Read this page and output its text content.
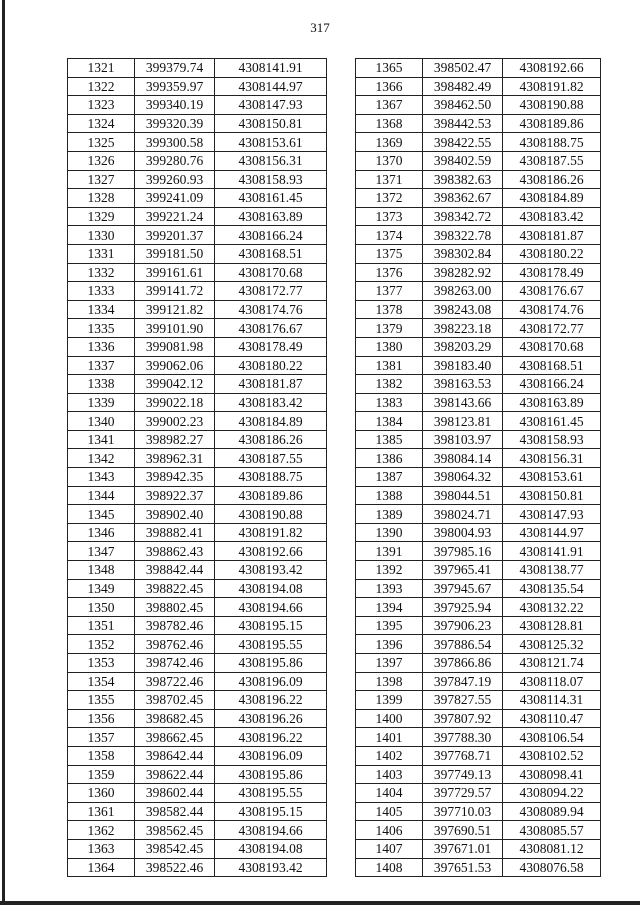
317
1321	399379.74	4308141.91
1322	399359.97	4308144.97
1323	399340.19	4308147.93
1324	399320.39	4308150.81
1325	399300.58	4308153.61
1326	399280.76	4308156.31
1327	399260.93	4308158.93
1328	399241.09	4308161.45
1329	399221.24	4308163.89
1330	399201.37	4308166.24
1331	399181.50	4308168.51
1332	399161.61	4308170.68
1333	399141.72	4308172.77
1334	399121.82	4308174.76
1335	399101.90	4308176.67
1336	399081.98	4308178.49
1337	399062.06	4308180.22
1338	399042.12	4308181.87
1339	399022.18	4308183.42
1340	399002.23	4308184.89
1341	398982.27	4308186.26
1342	398962.31	4308187.55
1343	398942.35	4308188.75
1344	398922.37	4308189.86
1345	398902.40	4308190.88
1346	398882.41	4308191.82
1347	398862.43	4308192.66
1348	398842.44	4308193.42
1349	398822.45	4308194.08
1350	398802.45	4308194.66
1351	398782.46	4308195.15
1352	398762.46	4308195.55
1353	398742.46	4308195.86
1354	398722.46	4308196.09
1355	398702.45	4308196.22
1356	398682.45	4308196.26
1357	398662.45	4308196.22
1358	398642.44	4308196.09
1359	398622.44	4308195.86
1360	398602.44	4308195.55
1361	398582.44	4308195.15
1362	398562.45	4308194.66
1363	398542.45	4308194.08
1364	398522.46	4308193.42
1365	398502.47	4308192.66
1366	398482.49	4308191.82
1367	398462.50	4308190.88
1368	398442.53	4308189.86
1369	398422.55	4308188.75
1370	398402.59	4308187.55
1371	398382.63	4308186.26
1372	398362.67	4308184.89
1373	398342.72	4308183.42
1374	398322.78	4308181.87
1375	398302.84	4308180.22
1376	398282.92	4308178.49
1377	398263.00	4308176.67
1378	398243.08	4308174.76
1379	398223.18	4308172.77
1380	398203.29	4308170.68
1381	398183.40	4308168.51
1382	398163.53	4308166.24
1383	398143.66	4308163.89
1384	398123.81	4308161.45
1385	398103.97	4308158.93
1386	398084.14	4308156.31
1387	398064.32	4308153.61
1388	398044.51	4308150.81
1389	398024.71	4308147.93
1390	398004.93	4308144.97
1391	397985.16	4308141.91
1392	397965.41	4308138.77
1393	397945.67	4308135.54
1394	397925.94	4308132.22
1395	397906.23	4308128.81
1396	397886.54	4308125.32
1397	397866.86	4308121.74
1398	397847.19	4308118.07
1399	397827.55	4308114.31
1400	397807.92	4308110.47
1401	397788.30	4308106.54
1402	397768.71	4308102.52
1403	397749.13	4308098.41
1404	397729.57	4308094.22
1405	397710.03	4308089.94
1406	397690.51	4308085.57
1407	397671.01	4308081.12
1408	397651.53	4308076.58
